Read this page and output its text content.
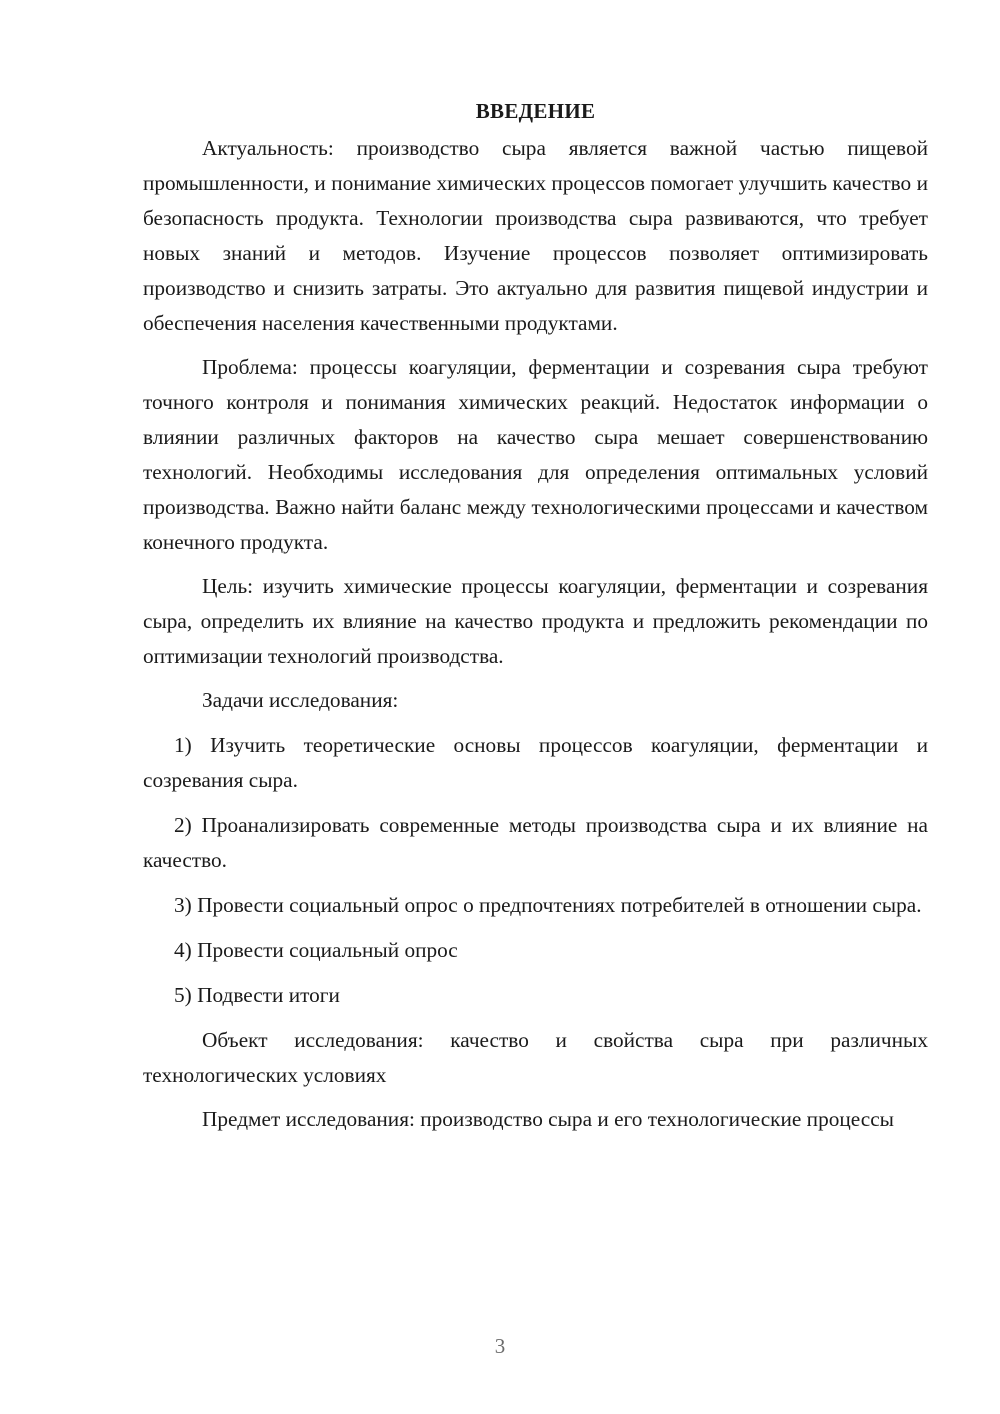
ВВЕДЕНИЕ

Актуальность: производство сыра является важной частью пищевой промышленности, и понимание химических процессов помогает улучшить качество и безопасность продукта. Технологии производства сыра развиваются, что требует новых знаний и методов. Изучение процессов позволяет оптимизировать производство и снизить затраты. Это актуально для развития пищевой индустрии и обеспечения населения качественными продуктами.

Проблема: процессы коагуляции, ферментации и созревания сыра требуют точного контроля и понимания химических реакций. Недостаток информации о влиянии различных факторов на качество сыра мешает совершенствованию технологий. Необходимы исследования для определения оптимальных условий производства. Важно найти баланс между технологическими процессами и качеством конечного продукта.

Цель: изучить химические процессы коагуляции, ферментации и созревания сыра, определить их влияние на качество продукта и предложить рекомендации по оптимизации технологий производства.

Задачи исследования:

1) Изучить теоретические основы процессов коагуляции, ферментации и созревания сыра.

2) Проанализировать современные методы производства сыра и их влияние на качество.

3) Провести социальный опрос о предпочтениях потребителей в отношении сыра.

4) Провести социальный опрос

5) Подвести итоги

Объект исследования: качество и свойства сыра при различных технологических условиях

Предмет исследования: производство сыра и его технологические процессы

3
